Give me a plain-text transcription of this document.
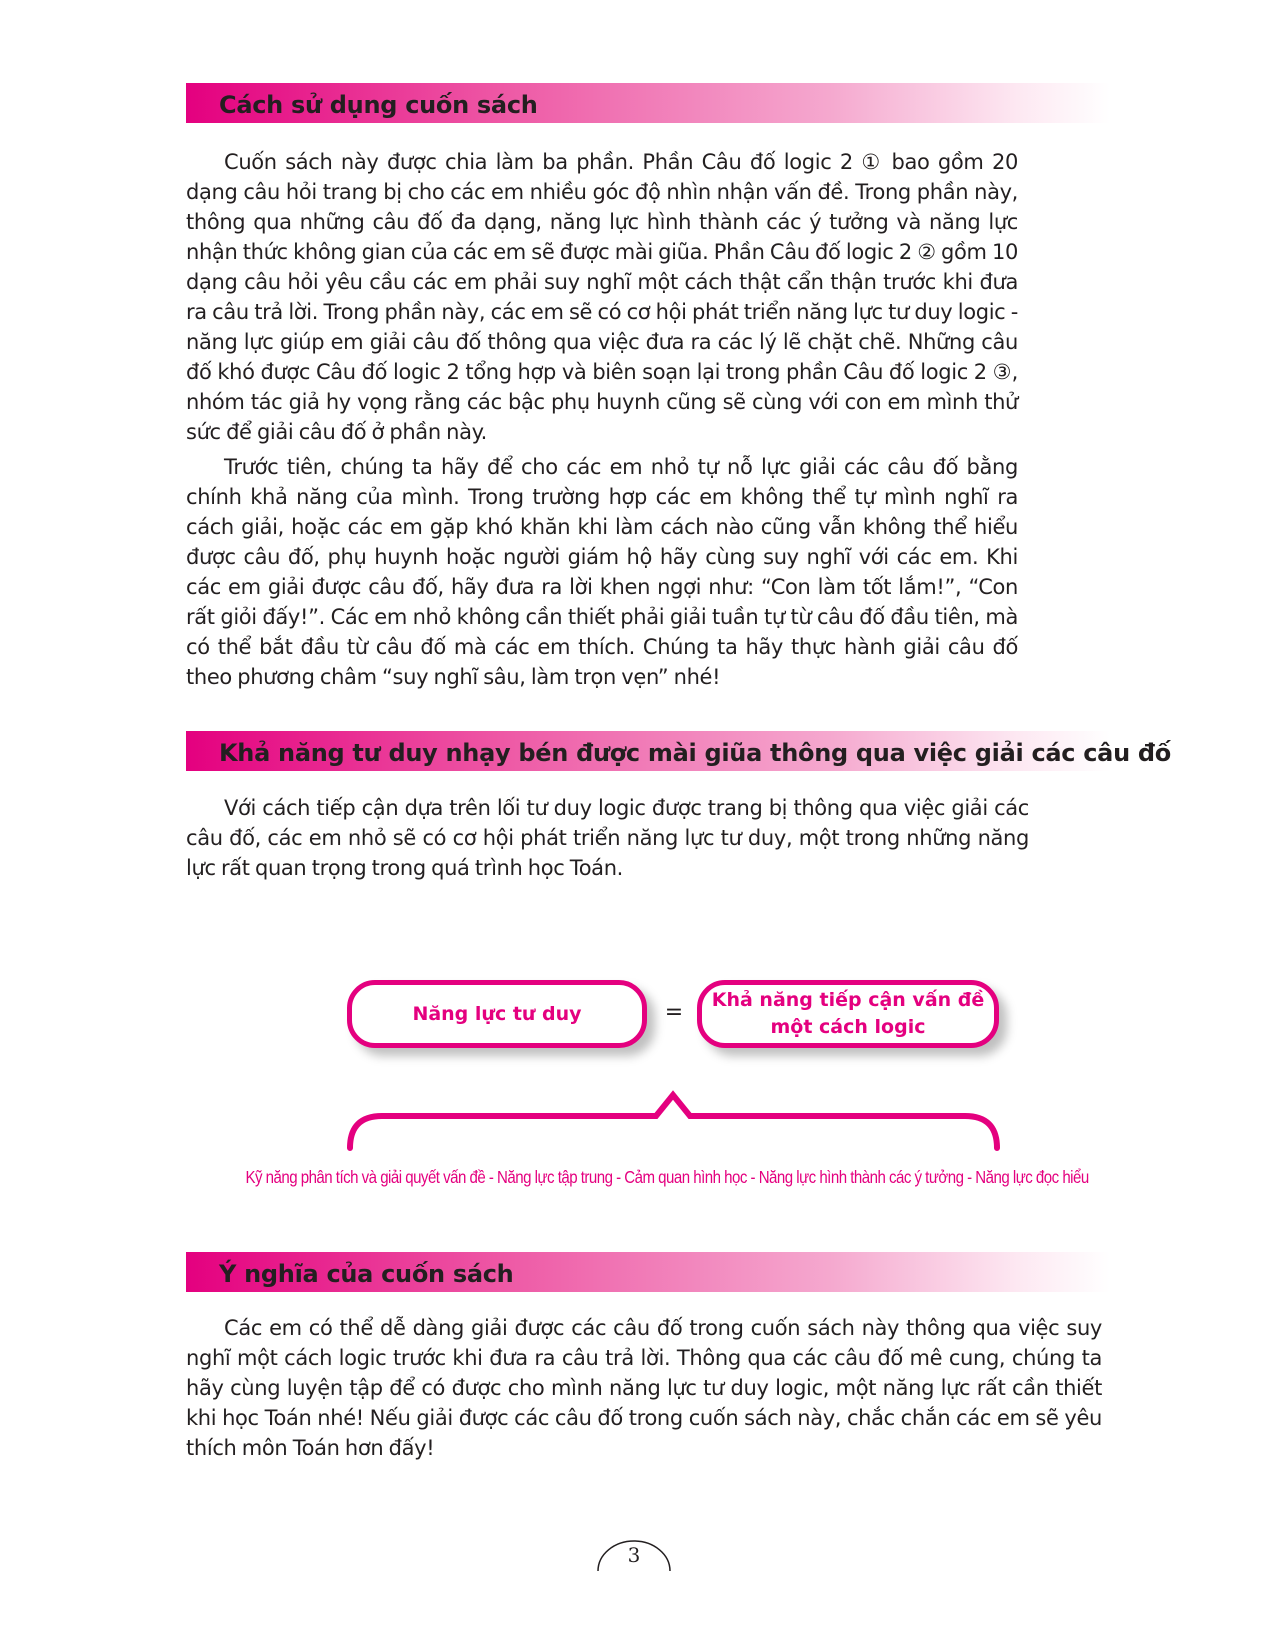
Cách sử dụng cuốn sách

Cuốn sách này được chia làm ba phần. Phần Câu đố logic 2 ① bao gồm 20 dạng câu hỏi trang bị cho các em nhiều góc độ nhìn nhận vấn đề. Trong phần này, thông qua những câu đố đa dạng, năng lực hình thành các ý tưởng và năng lực nhận thức không gian của các em sẽ được mài giũa. Phần Câu đố logic 2 ② gồm 10 dạng câu hỏi yêu cầu các em phải suy nghĩ một cách thật cẩn thận trước khi đưa ra câu trả lời. Trong phần này, các em sẽ có cơ hội phát triển năng lực tư duy logic - năng lực giúp em giải câu đố thông qua việc đưa ra các lý lẽ chặt chẽ. Những câu đố khó được Câu đố logic 2 tổng hợp và biên soạn lại trong phần Câu đố logic 2 ③, nhóm tác giả hy vọng rằng các bậc phụ huynh cũng sẽ cùng với con em mình thử sức để giải câu đố ở phần này.

Trước tiên, chúng ta hãy để cho các em nhỏ tự nỗ lực giải các câu đố bằng chính khả năng của mình. Trong trường hợp các em không thể tự mình nghĩ ra cách giải, hoặc các em gặp khó khăn khi làm cách nào cũng vẫn không thể hiểu được câu đố, phụ huynh hoặc người giám hộ hãy cùng suy nghĩ với các em. Khi các em giải được câu đố, hãy đưa ra lời khen ngợi như: “Con làm tốt lắm!”, “Con rất giỏi đấy!”. Các em nhỏ không cần thiết phải giải tuần tự từ câu đố đầu tiên, mà có thể bắt đầu từ câu đố mà các em thích. Chúng ta hãy thực hành giải câu đố theo phương châm “suy nghĩ sâu, làm trọn vẹn” nhé!

Khả năng tư duy nhạy bén được mài giũa thông qua việc giải các câu đố

Với cách tiếp cận dựa trên lối tư duy logic được trang bị thông qua việc giải các câu đố, các em nhỏ sẽ có cơ hội phát triển năng lực tư duy, một trong những năng lực rất quan trọng trong quá trình học Toán.

Năng lực tư duy	= Khả năng tiếp cận vấn đề
một cách logic
Kỹ năng phân tích và giải quyết vấn đề - Năng lực tập trung - Cảm quan hình học - Năng lực hình thành các ý tưởng - Năng lực đọc hiểu
Ý nghĩa của cuốn sách

Các em có thể dễ dàng giải được các câu đố trong cuốn sách này thông qua việc suy nghĩ một cách logic trước khi đưa ra câu trả lời. Thông qua các câu đố mê cung, chúng ta hãy cùng luyện tập để có được cho mình năng lực tư duy logic, một năng lực rất cần thiết khi học Toán nhé! Nếu giải được các câu đố trong cuốn sách này, chắc chắn các em sẽ yêu thích môn Toán hơn đấy!

3
